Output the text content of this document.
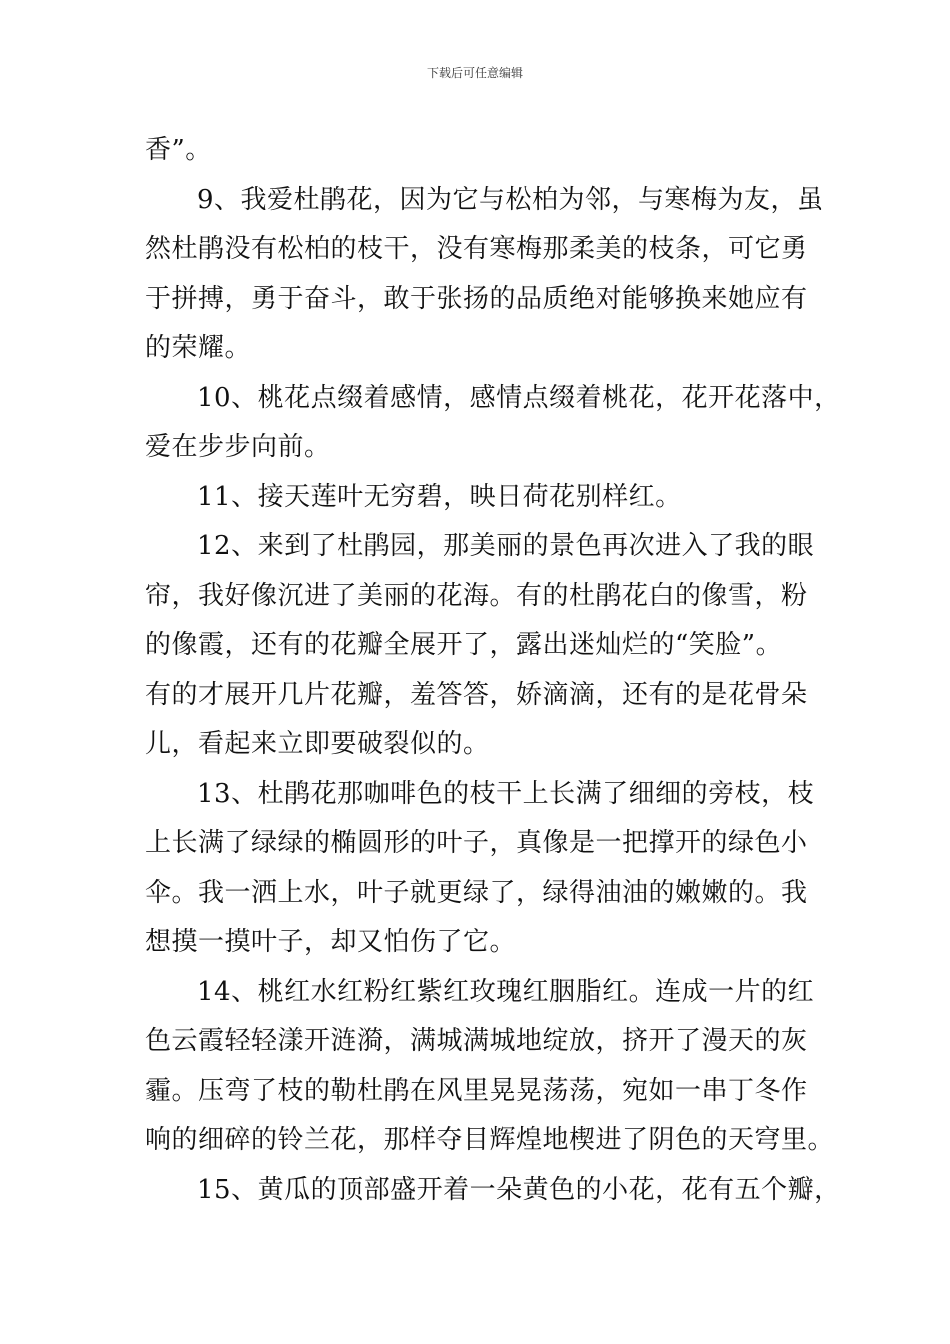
下载后可任意编辑
香”。
9、我爱杜鹃花，因为它与松柏为邻，与寒梅为友，虽
然杜鹃没有松柏的枝干，没有寒梅那柔美的枝条，可它勇
于拼搏，勇于奋斗，敢于张扬的品质绝对能够换来她应有
的荣耀。
10、桃花点缀着感情，感情点缀着桃花，花开花落中，
爱在步步向前。
11、接天莲叶无穷碧，映日荷花别样红。
12、来到了杜鹃园，那美丽的景色再次进入了我的眼
帘，我好像沉进了美丽的花海。有的杜鹃花白的像雪，粉
的像霞，还有的花瓣全展开了，露出迷灿烂的“笑脸”。
有的才展开几片花瓣，羞答答，娇滴滴，还有的是花骨朵
儿，看起来立即要破裂似的。
13、杜鹃花那咖啡色的枝干上长满了细细的旁枝，枝
上长满了绿绿的椭圆形的叶子，真像是一把撑开的绿色小
伞。我一洒上水，叶子就更绿了，绿得油油的嫩嫩的。我
想摸一摸叶子，却又怕伤了它。
14、桃红水红粉红紫红玫瑰红胭脂红。连成一片的红
色云霞轻轻漾开涟漪，满城满城地绽放，挤开了漫天的灰
霾。压弯了枝的勒杜鹃在风里晃晃荡荡，宛如一串丁冬作
响的细碎的铃兰花，那样夺目辉煌地楔进了阴色的天穹里。
15、黄瓜的顶部盛开着一朵黄色的小花，花有五个瓣，
